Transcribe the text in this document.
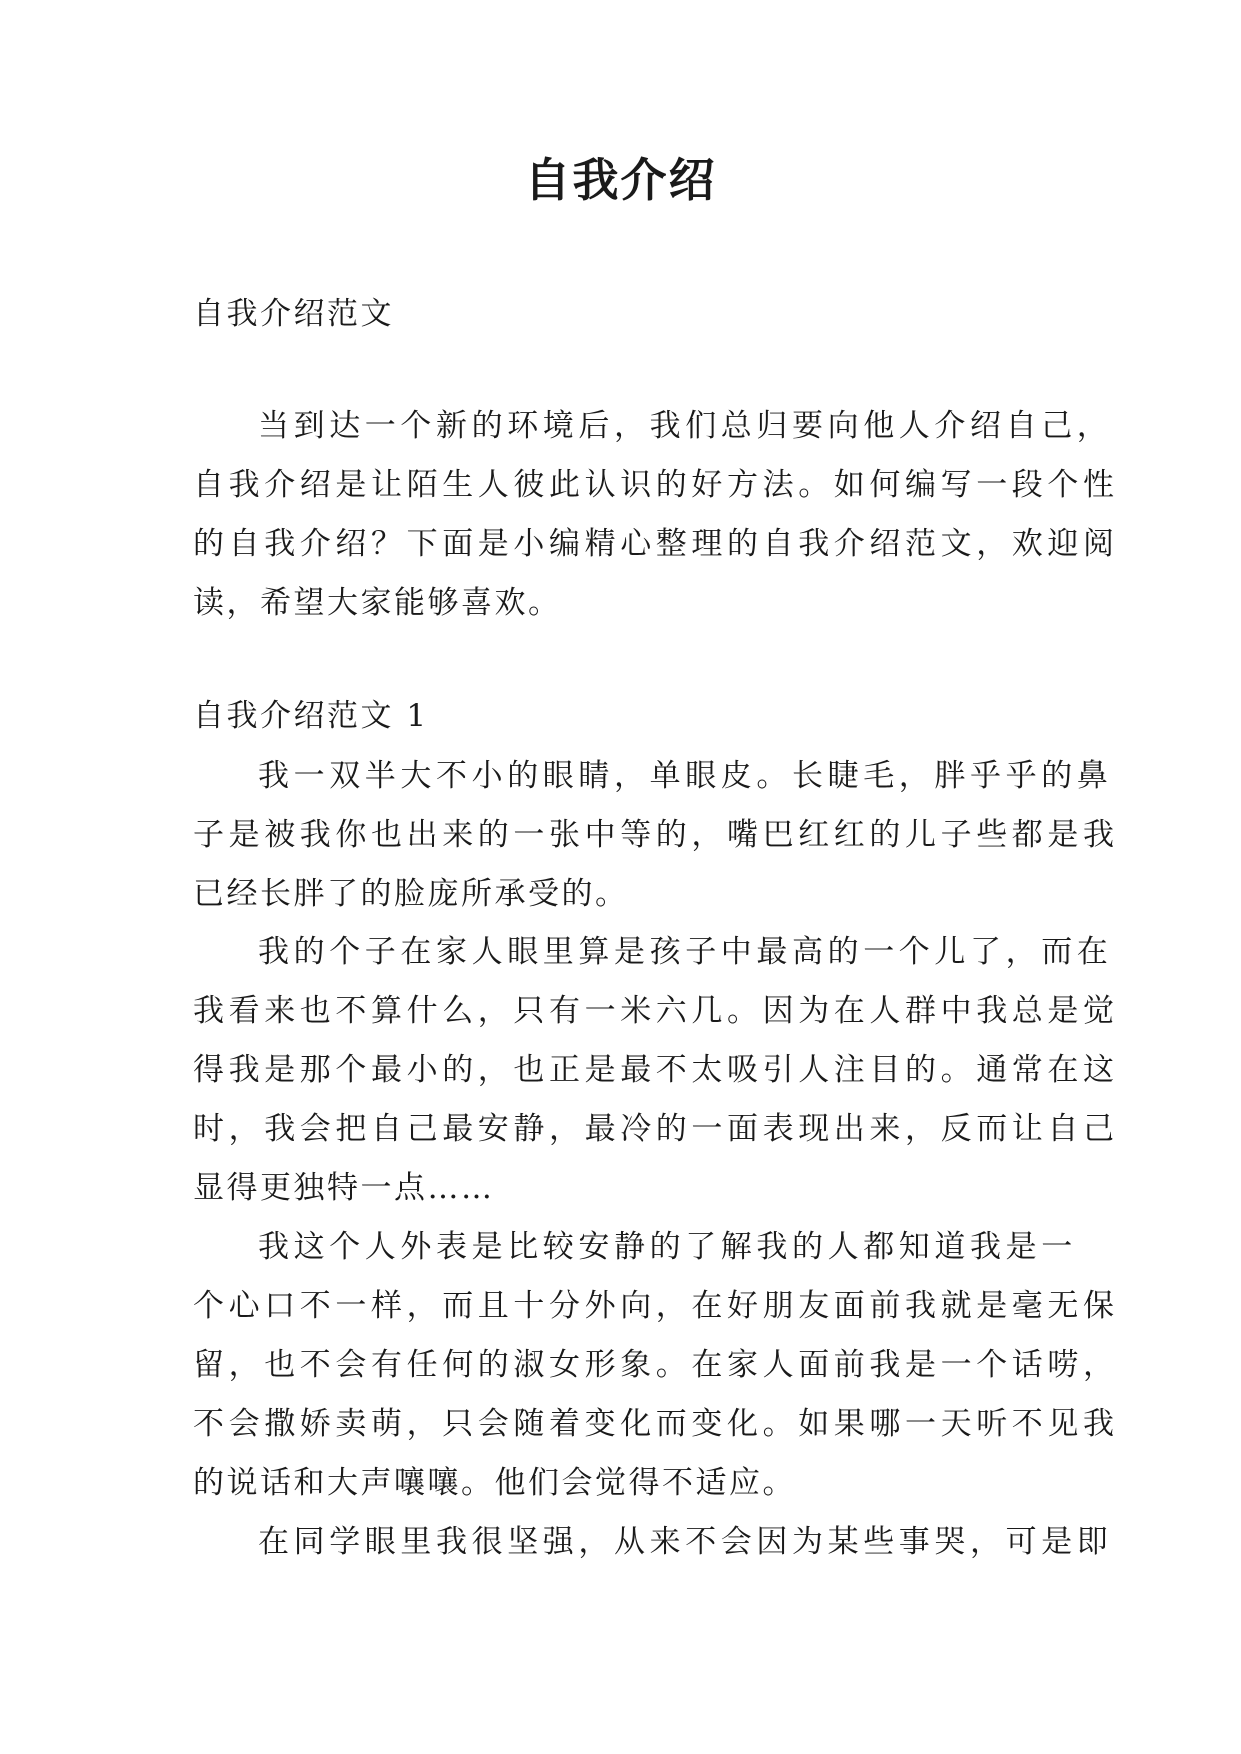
自我介绍

自我介绍范文

当到达一个新的环境后，我们总归要向他人介绍自己，

自我介绍是让陌生人彼此认识的好方法。如何编写一段个性

的自我介绍？下面是小编精心整理的自我介绍范文，欢迎阅

读，希望大家能够喜欢。

自我介绍范文 1

我一双半大不小的眼睛，单眼皮。长睫毛，胖乎乎的鼻

子是被我你也出来的一张中等的，嘴巴红红的儿子些都是我

已经长胖了的脸庞所承受的。

我的个子在家人眼里算是孩子中最高的一个儿了，而在

我看来也不算什么，只有一米六几。因为在人群中我总是觉

得我是那个最小的，也正是最不太吸引人注目的。通常在这

时，我会把自己最安静，最冷的一面表现出来，反而让自己

显得更独特一点……

我这个人外表是比较安静的了解我的人都知道我是一

个心口不一样，而且十分外向，在好朋友面前我就是毫无保

留，也不会有任何的淑女形象。在家人面前我是一个话唠，

不会撒娇卖萌，只会随着变化而变化。如果哪一天听不见我

的说话和大声嚷嚷。他们会觉得不适应。

在同学眼里我很坚强，从来不会因为某些事哭，可是即
